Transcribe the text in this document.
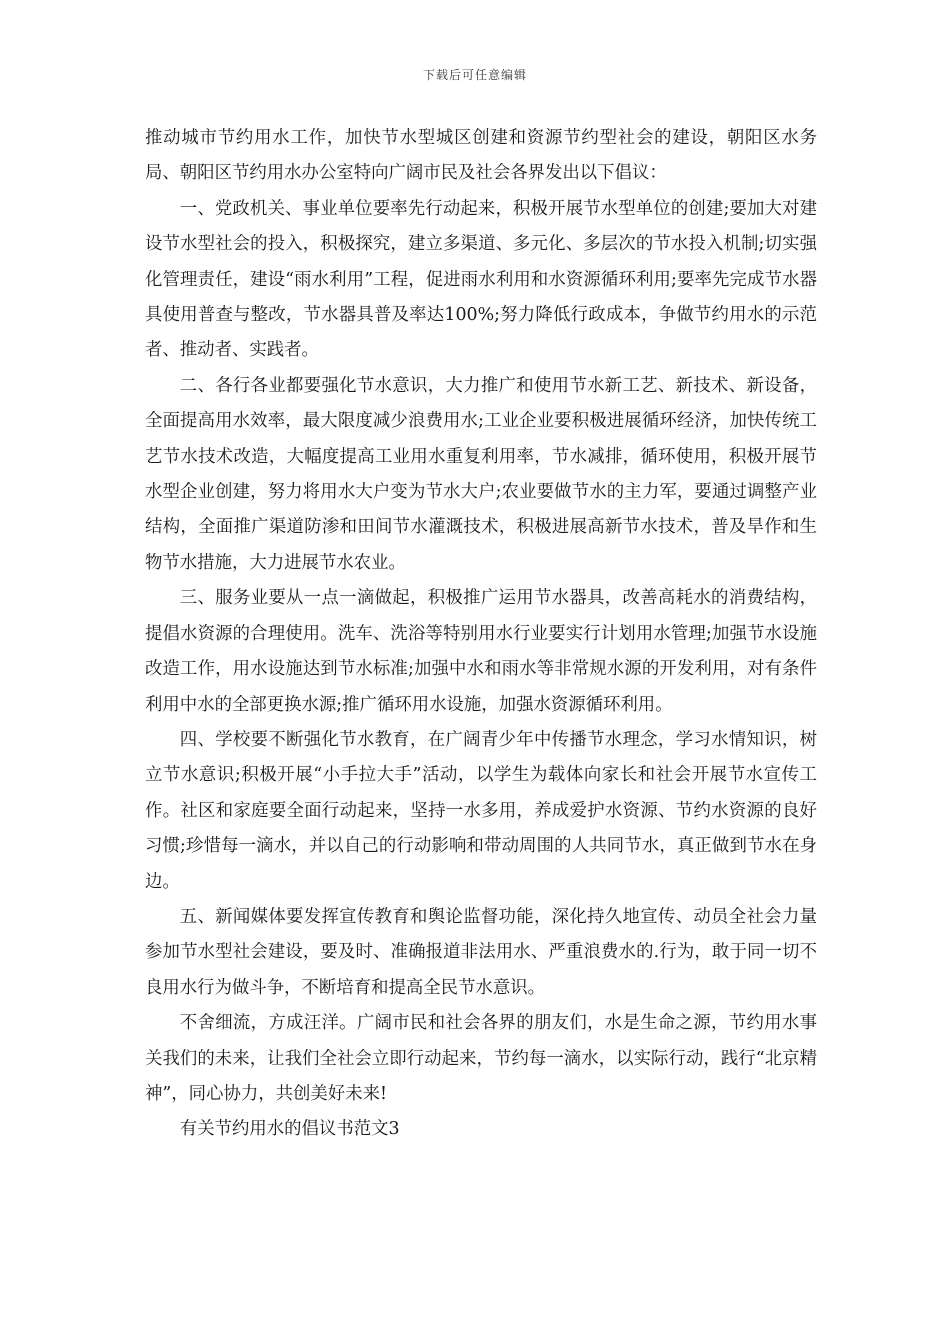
下载后可任意编辑

推动城市节约用水工作，加快节水型城区创建和资源节约型社会的建设，朝阳区水务局、朝阳区节约用水办公室特向广阔市民及社会各界发出以下倡议：

一、党政机关、事业单位要率先行动起来，积极开展节水型单位的创建;要加大对建设节水型社会的投入，积极探究，建立多渠道、多元化、多层次的节水投入机制;切实强化管理责任，建设“雨水利用”工程，促进雨水利用和水资源循环利用;要率先完成节水器具使用普查与整改，节水器具普及率达100%;努力降低行政成本，争做节约用水的示范者、推动者、实践者。

二、各行各业都要强化节水意识，大力推广和使用节水新工艺、新技术、新设备，全面提高用水效率，最大限度减少浪费用水;工业企业要积极进展循环经济，加快传统工艺节水技术改造，大幅度提高工业用水重复利用率，节水减排，循环使用，积极开展节水型企业创建，努力将用水大户变为节水大户;农业要做节水的主力军，要通过调整产业结构，全面推广渠道防渗和田间节水灌溉技术，积极进展高新节水技术，普及旱作和生物节水措施，大力进展节水农业。

三、服务业要从一点一滴做起，积极推广运用节水器具，改善高耗水的消费结构，提倡水资源的合理使用。洗车、洗浴等特别用水行业要实行计划用水管理;加强节水设施改造工作，用水设施达到节水标准;加强中水和雨水等非常规水源的开发利用，对有条件利用中水的全部更换水源;推广循环用水设施，加强水资源循环利用。

四、学校要不断强化节水教育，在广阔青少年中传播节水理念，学习水情知识，树立节水意识;积极开展“小手拉大手”活动，以学生为载体向家长和社会开展节水宣传工作。社区和家庭要全面行动起来，坚持一水多用，养成爱护水资源、节约水资源的良好习惯;珍惜每一滴水，并以自己的行动影响和带动周围的人共同节水，真正做到节水在身边。

五、新闻媒体要发挥宣传教育和舆论监督功能，深化持久地宣传、动员全社会力量参加节水型社会建设，要及时、准确报道非法用水、严重浪费水的.行为，敢于同一切不良用水行为做斗争，不断培育和提高全民节水意识。

不舍细流，方成汪洋。广阔市民和社会各界的朋友们，水是生命之源，节约用水事关我们的未来，让我们全社会立即行动起来，节约每一滴水，以实际行动，践行“北京精神”，同心协力，共创美好未来!

有关节约用水的倡议书范文3
